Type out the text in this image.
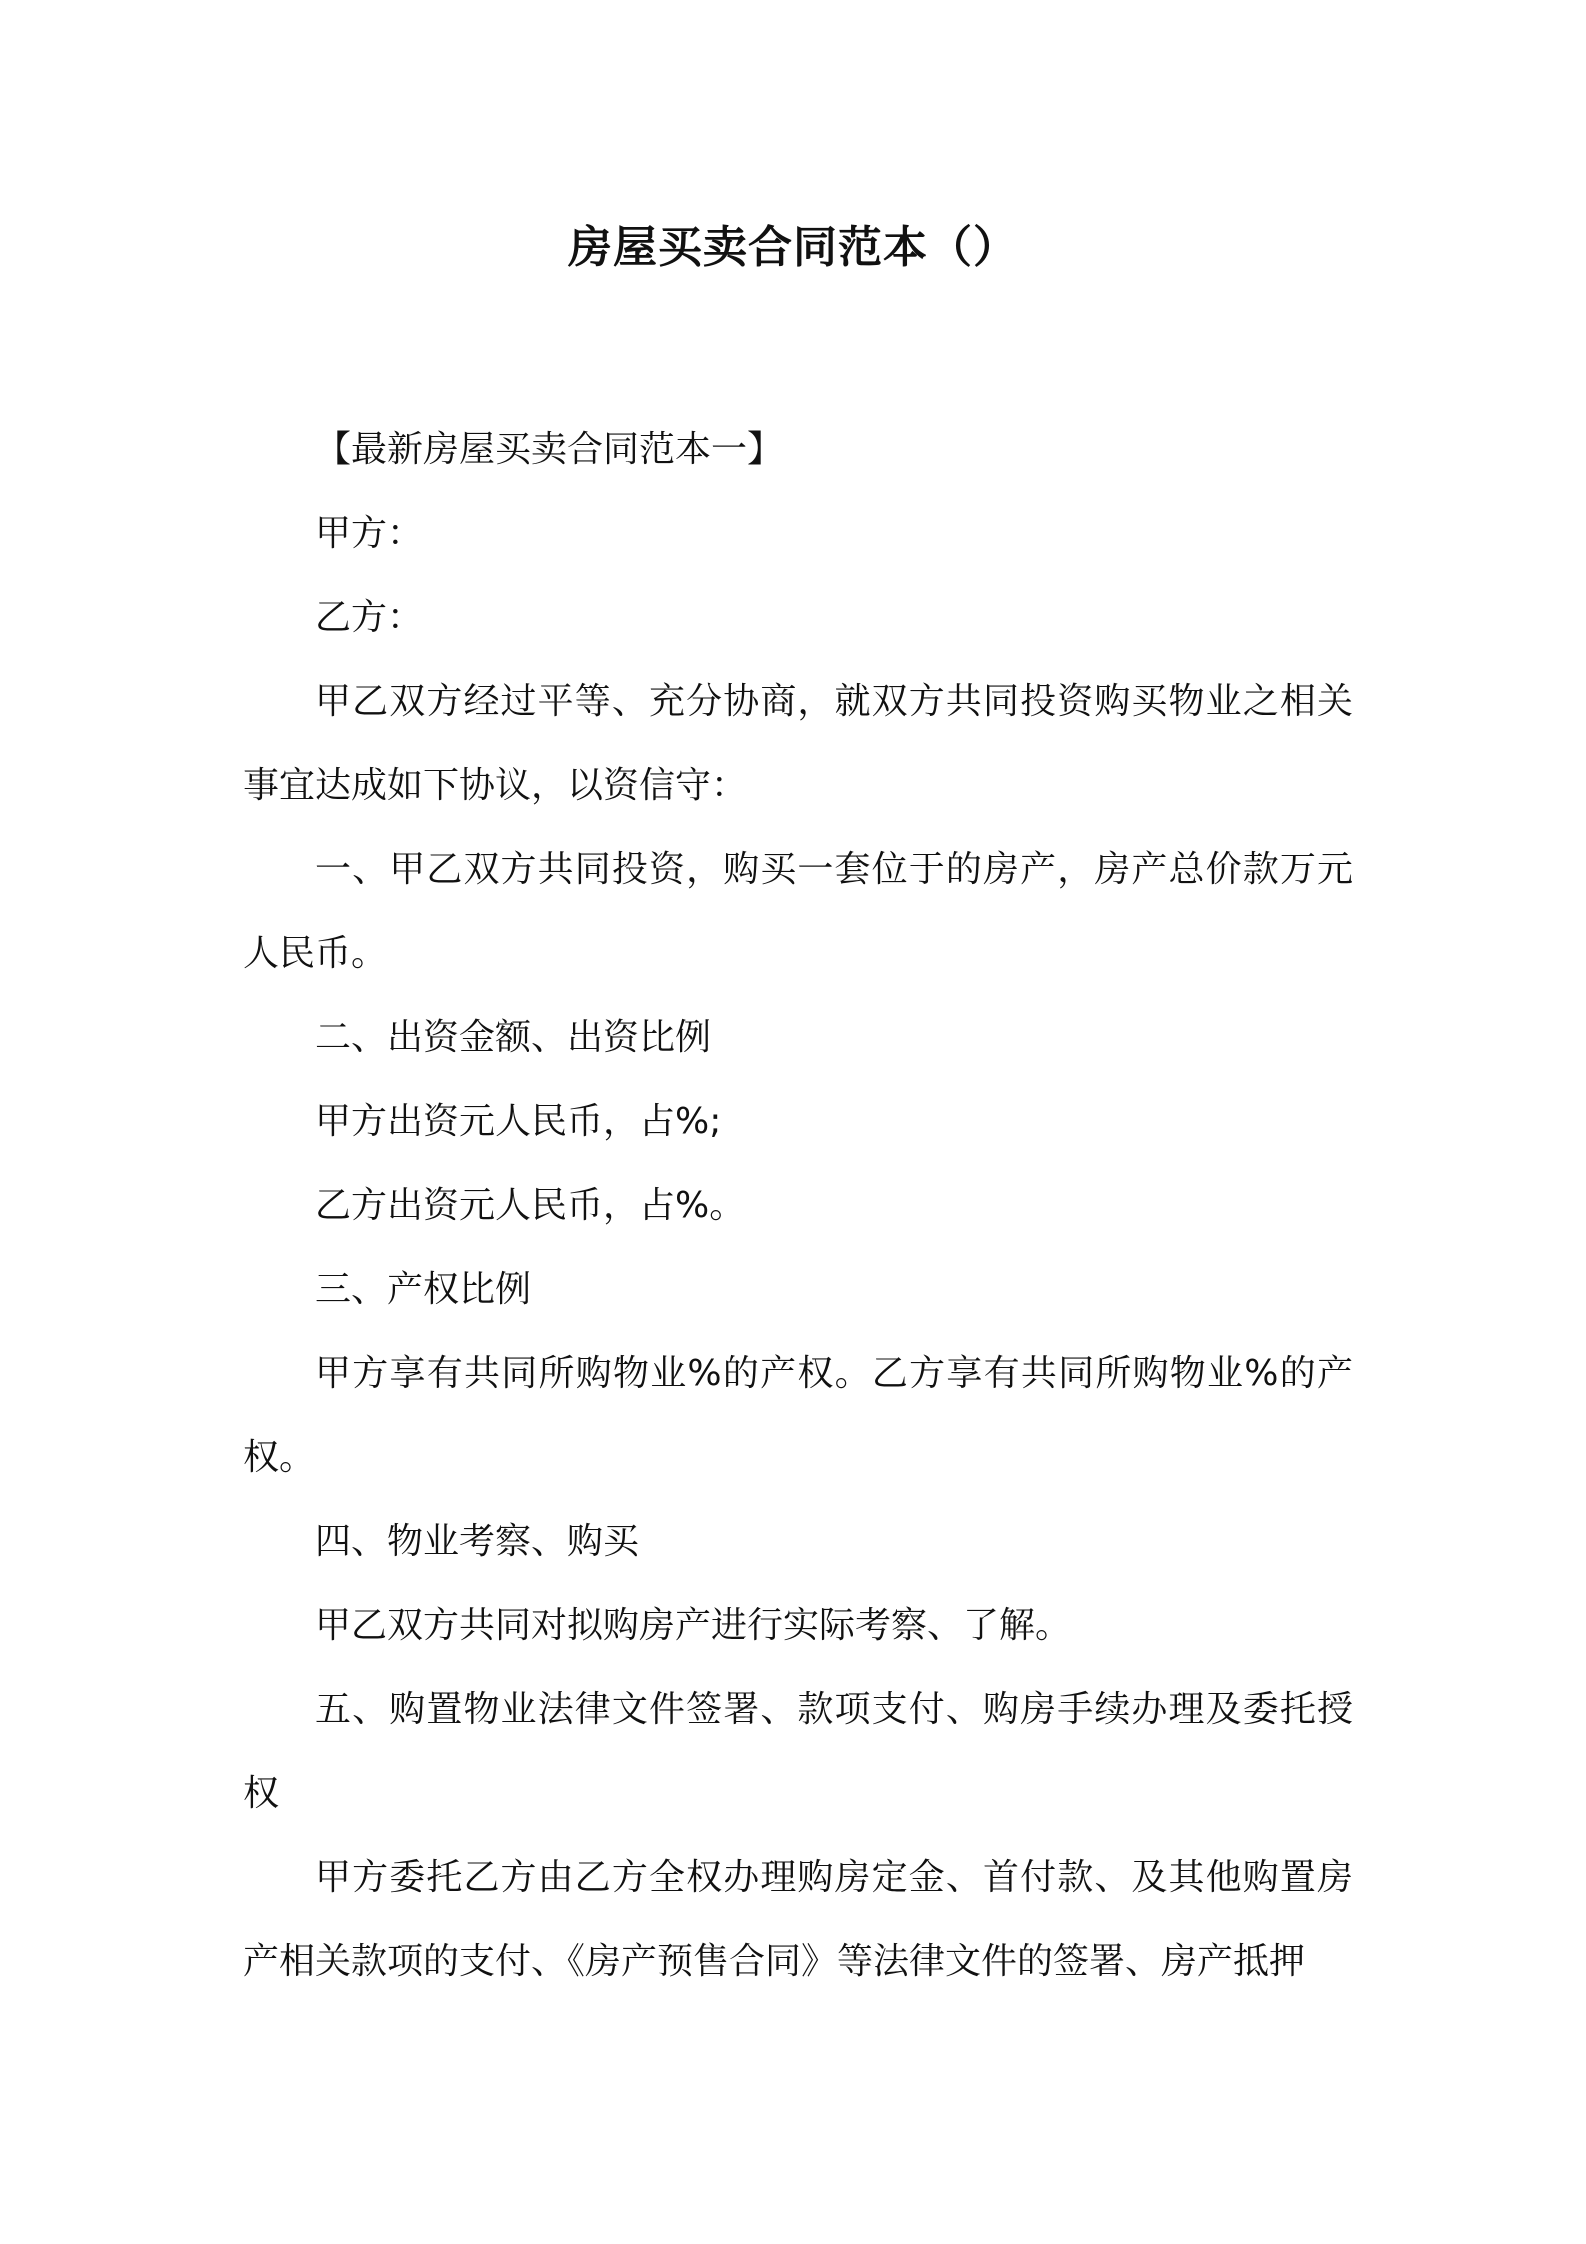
房屋买卖合同范本（）

【最新房屋买卖合同范本一】

甲方：

乙方：

甲乙双方经过平等、充分协商，就双方共同投资购买物业之相关事宜达成如下协议，以资信守：

一、甲乙双方共同投资，购买一套位于的房产，房产总价款万元人民币。

二、出资金额、出资比例

甲方出资元人民币，占%;

乙方出资元人民币，占%。

三、产权比例

甲方享有共同所购物业%的产权。乙方享有共同所购物业%的产权。

四、物业考察、购买

甲乙双方共同对拟购房产进行实际考察、了解。

五、购置物业法律文件签署、款项支付、购房手续办理及委托授权

甲方委托乙方由乙方全权办理购房定金、首付款、及其他购置房产相关款项的支付、《房产预售合同》等法律文件的签署、房产抵押
